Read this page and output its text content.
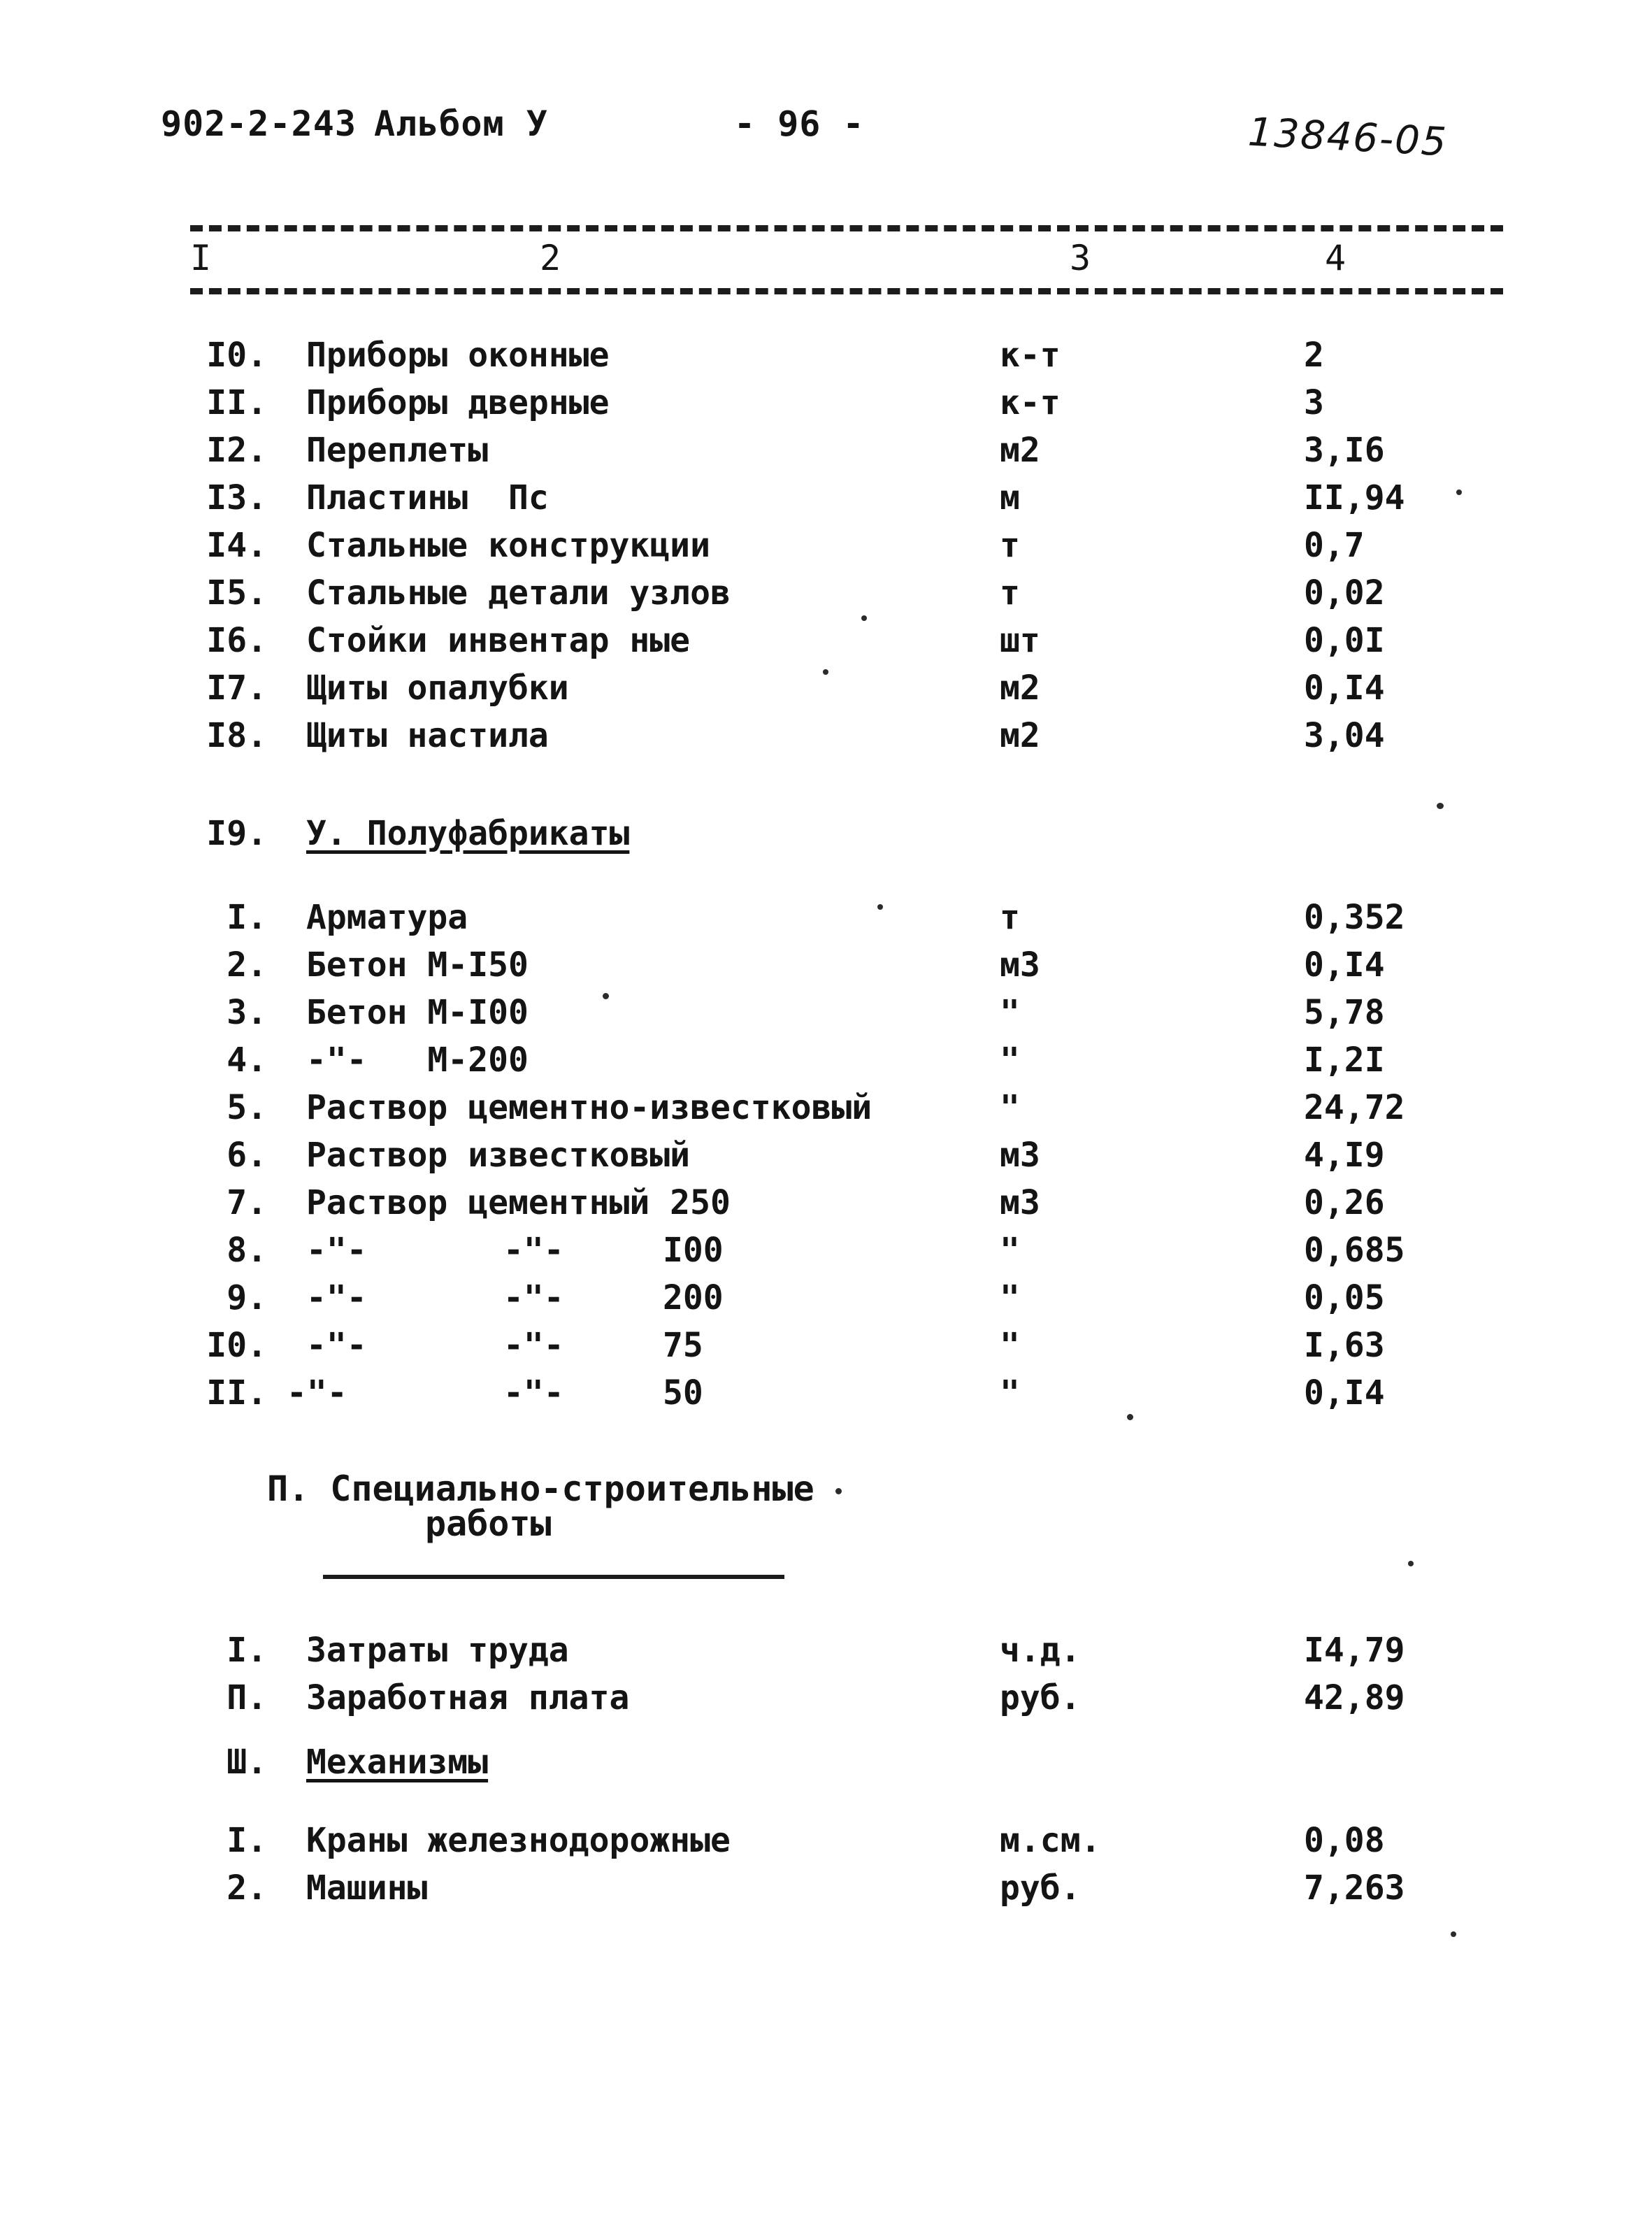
902-2-243 Альбом У	- 96 -	13846-05
I	2	3	4
I0. Приборы оконные	к-т	2
II. Приборы дверные	к-т	3
I2. Переплеты	м2	3,I6
I3. Пластины  Пс	м	II,94
I4. Стальные конструкции	т	0,7
I5. Стальные детали узлов	т	0,02
I6. Стойки инвентар ные	шт	0,0I
I7. Щиты опалубки	м2	0,I4
I8. Щиты настила	м2	3,04
I9. У. Полуфабрикаты
I. Арматура	т	0,352
2. Бетон М-I50	м3	0,I4
3. Бетон М-I00	"	5,78
4. -"-   М-200	"	I,2I
5. Раствор цементно-известковый	"	24,72
6. Раствор известковый	м3	4,I9
7. Раствор цементный 250	м3	0,26
8. -"-	-"-	I00	"	0,685
9. -"-	-"-	200	"	0,05
I0. -"-	-"-	75	"	I,63
II. -"-	-"-	50	"	0,I4
П. Специально-строительные
работы
I. Затраты труда	ч.д.	I4,79
П. Заработная плата	руб.	42,89
Ш. Механизмы
I. Краны железнодорожные	м.см.	0,08
2. Машины	руб.	7,263
